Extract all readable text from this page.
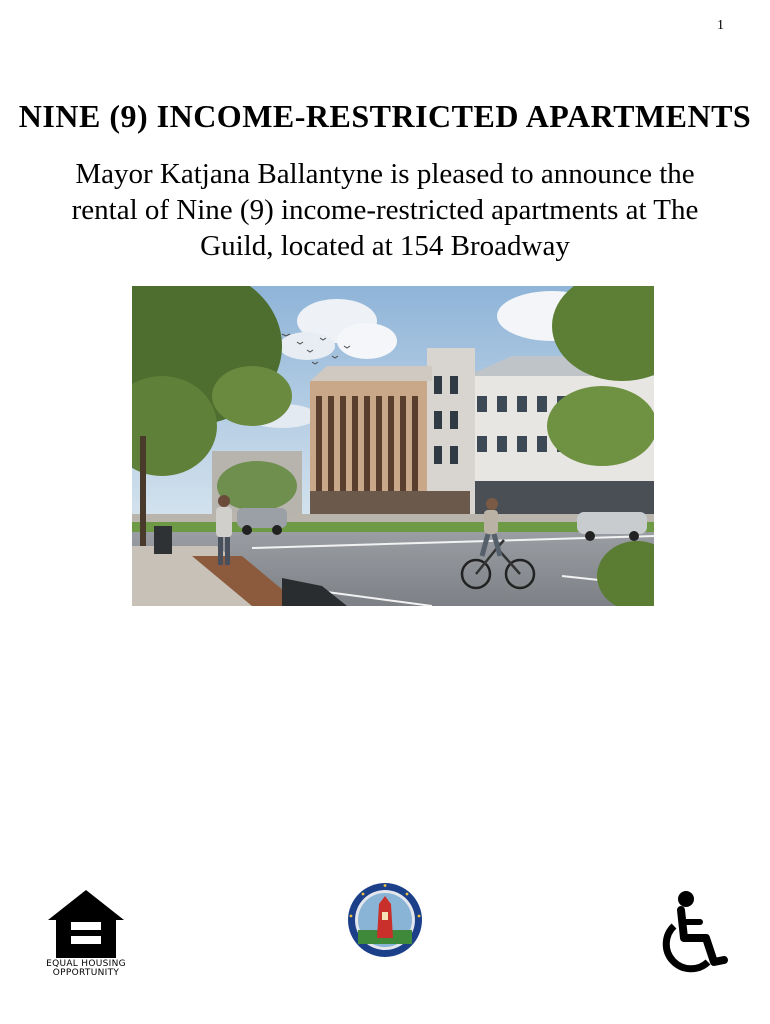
1
NINE (9) INCOME-RESTRICTED APARTMENTS
Mayor Katjana Ballantyne is pleased to announce the rental of Nine (9) income-restricted apartments at The Guild, located at 154 Broadway
EQUAL HOUSING OPPORTUNITY
